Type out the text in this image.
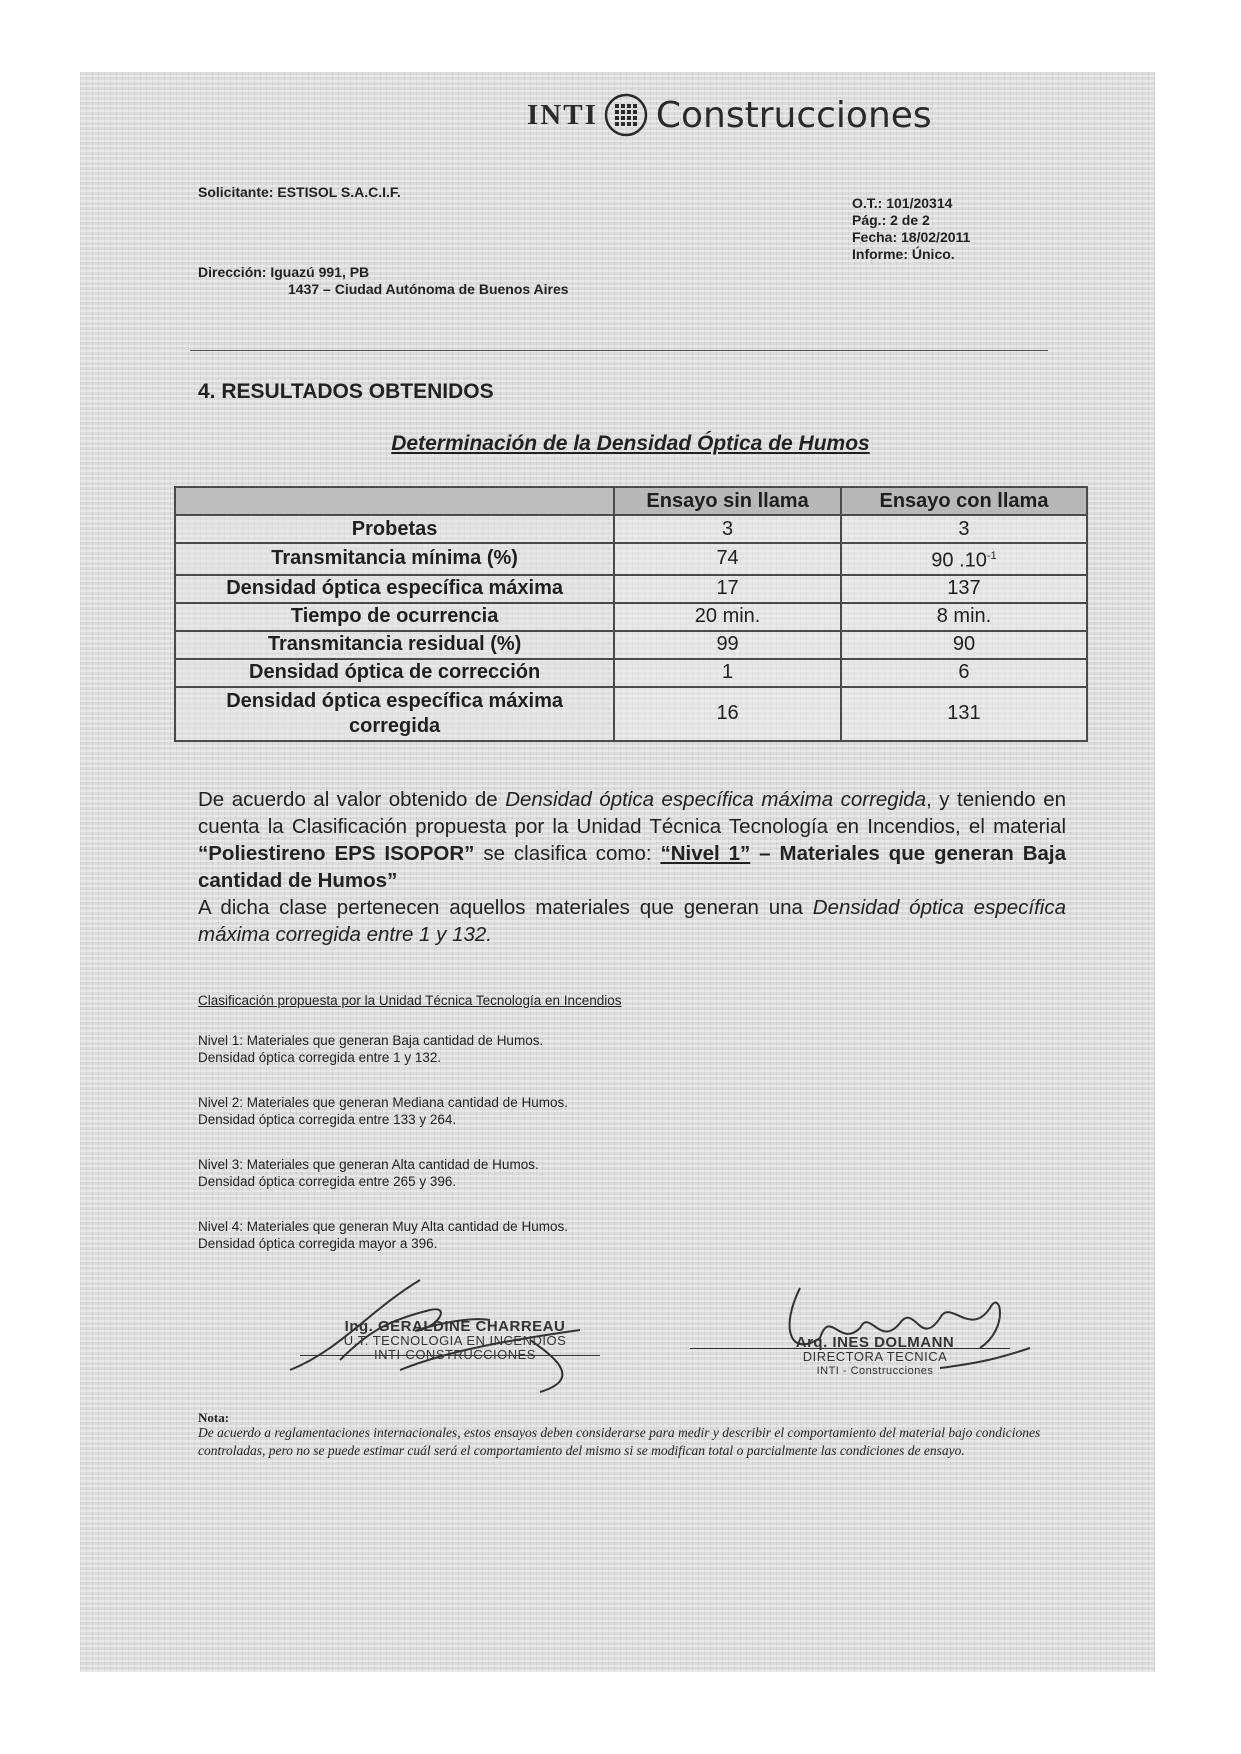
INTI Construcciones
Solicitante: ESTISOL S.A.C.I.F.
Dirección: Iguazú 991, PB
1437 – Ciudad Autónoma de Buenos Aires
O.T.: 101/20314
Pág.: 2 de 2
Fecha: 18/02/2011
Informe: Único.
4. RESULTADOS OBTENIDOS
Determinación de la Densidad Óptica de Humos
	Ensayo sin llama	Ensayo con llama
Probetas	3	3
Transmitancia mínima (%)	74	90 $.10^{-1}$
Densidad óptica específica máxima	17	137
Tiempo de ocurrencia	20 min.	8 min.
Transmitancia residual (%)	99	90
Densidad óptica de corrección	1	6
Densidad óptica específica máxima corregida	16	131
De acuerdo al valor obtenido de Densidad óptica específica máxima corregida, y teniendo en cuenta la Clasificación propuesta por la Unidad Técnica Tecnología en Incendios, el material “Poliestireno EPS ISOPOR” se clasifica como: “Nivel 1” – Materiales que generan Baja cantidad de Humos”
A dicha clase pertenecen aquellos materiales que generan una Densidad óptica específica máxima corregida entre 1 y 132.
Clasificación propuesta por la Unidad Técnica Tecnología en Incendios
Nivel 1: Materiales que generan Baja cantidad de Humos.
Densidad óptica corregida entre 1 y 132.
Nivel 2: Materiales que generan Mediana cantidad de Humos.
Densidad óptica corregida entre 133 y 264.
Nivel 3: Materiales que generan Alta cantidad de Humos.
Densidad óptica corregida entre 265 y 396.
Nivel 4: Materiales que generan Muy Alta cantidad de Humos.
Densidad óptica corregida mayor a 396.
Ing. GERALDINE CHARREAU
U.T. TECNOLOGIA EN INCENDIOS
INTI-CONSTRUCCIONES
Arq. INES DOLMANN
DIRECTORA TECNICA
INTI - Construcciones
Nota:
De acuerdo a reglamentaciones internacionales, estos ensayos deben considerarse para medir y describir el comportamiento del material bajo condiciones controladas, pero no se puede estimar cuál será el comportamiento del mismo si se modifican total o parcialmente las condiciones de ensayo.
